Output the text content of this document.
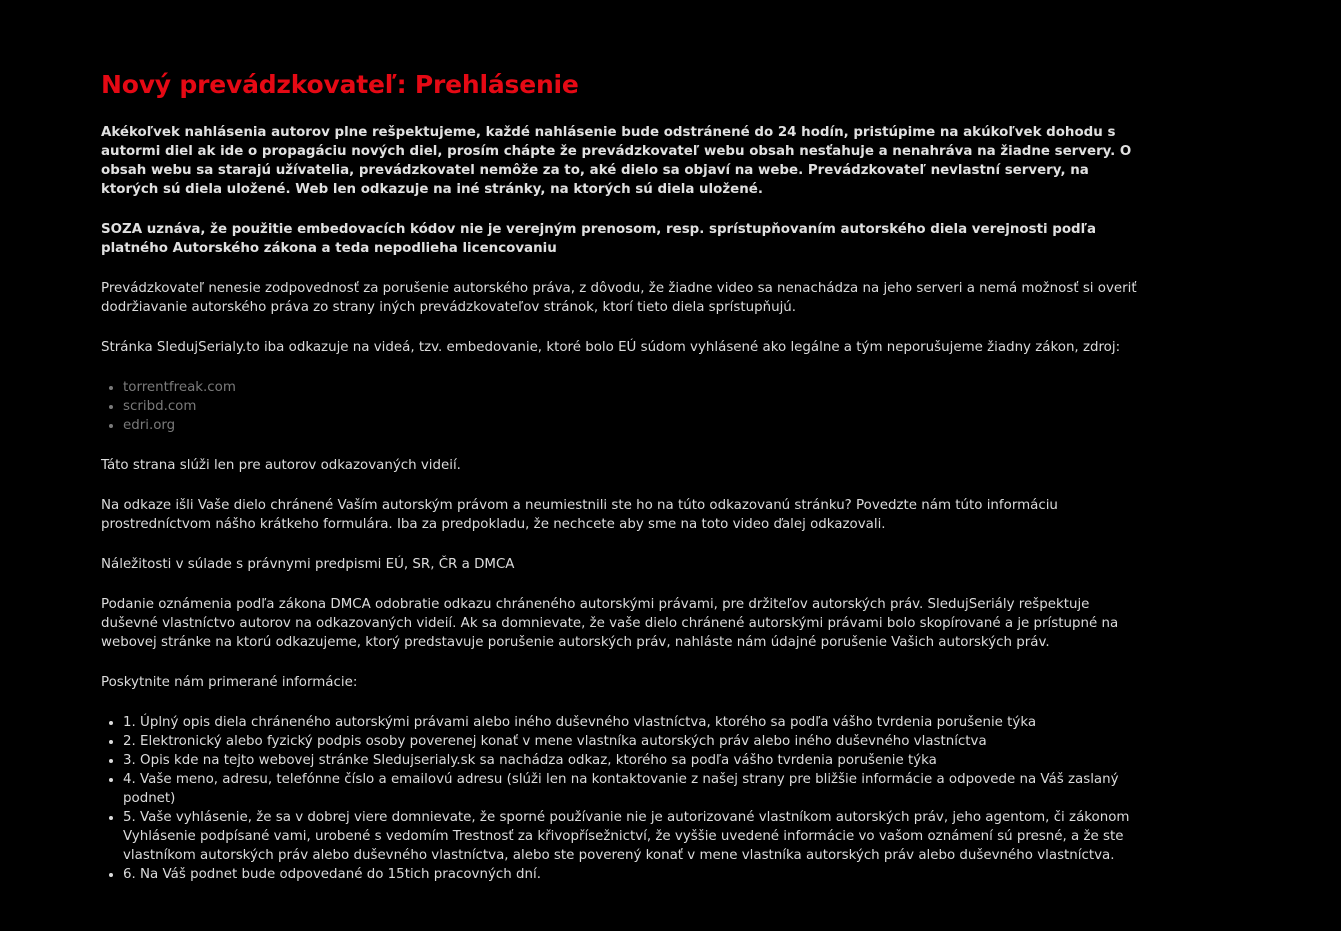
Nový prevádzkovateľ: Prehlásenie

Akékoľvek nahlásenia autorov plne rešpektujeme, každé nahlásenie bude odstránené do 24 hodín, pristúpime na akúkoľvek dohodu s autormi diel ak ide o propagáciu nových diel, prosím chápte že prevádzkovateľ webu obsah nesťahuje a nenahráva na žiadne servery. O obsah webu sa starajú užívatelia, prevádzkovatel nemôže za to, aké dielo sa objaví na webe. Prevádzkovateľ nevlastní servery, na ktorých sú diela uložené. Web len odkazuje na iné stránky, na ktorých sú diela uložené.

SOZA uznáva, že použitie embedovacích kódov nie je verejným prenosom, resp. sprístupňovaním autorského diela verejnosti podľa platného Autorského zákona a teda nepodlieha licencovaniu

Prevádzkovateľ nenesie zodpovednosť za porušenie autorského práva, z dôvodu, že žiadne video sa nenachádza na jeho serveri a nemá možnosť si overiť dodržiavanie autorského práva zo strany iných prevádzkovateľov stránok, ktorí tieto diela sprístupňujú.

Stránka SledujSerialy.to iba odkazuje na videá, tzv. embedovanie, ktoré bolo EÚ súdom vyhlásené ako legálne a tým neporušujeme žiadny zákon, zdroj:

• torrentfreak.com
• scribd.com
• edri.org

Táto strana slúži len pre autorov odkazovaných videií.

Na odkaze išli Vaše dielo chránené Vaším autorským právom a neumiestnili ste ho na túto odkazovanú stránku? Povedzte nám túto informáciu prostredníctvom nášho krátkeho formulára. Iba za predpokladu, že nechcete aby sme na toto video ďalej odkazovali.

Náležitosti v súlade s právnymi predpismi EÚ, SR, ČR a DMCA

Podanie oznámenia podľa zákona DMCA odobratie odkazu chráneného autorskými právami, pre držiteľov autorských práv. SledujSeriály rešpektuje duševné vlastníctvo autorov na odkazovaných videií. Ak sa domnievate, že vaše dielo chránené autorskými právami bolo skopírované a je prístupné na webovej stránke na ktorú odkazujeme, ktorý predstavuje porušenie autorských práv, nahláste nám údajné porušenie Vašich autorských práv.

Poskytnite nám primerané informácie:

• 1. Úplný opis diela chráneného autorskými právami alebo iného duševného vlastníctva, ktorého sa podľa vášho tvrdenia porušenie týka
• 2. Elektronický alebo fyzický podpis osoby poverenej konať v mene vlastníka autorských práv alebo iného duševného vlastníctva
• 3. Opis kde na tejto webovej stránke Sledujserialy.sk sa nachádza odkaz, ktorého sa podľa vášho tvrdenia porušenie týka
• 4. Vaše meno, adresu, telefónne číslo a emailovú adresu (slúži len na kontaktovanie z našej strany pre bližšie informácie a odpovede na Váš zaslaný podnet)
• 5. Vaše vyhlásenie, že sa v dobrej viere domnievate, že sporné používanie nie je autorizované vlastníkom autorských práv, jeho agentom, či zákonom Vyhlásenie podpísané vami, urobené s vedomím Trestnosť za křivopřísežnictví, že vyššie uvedené informácie vo vašom oznámení sú presné, a že ste vlastníkom autorských práv alebo duševného vlastníctva, alebo ste poverený konať v mene vlastníka autorských práv alebo duševného vlastníctva.
• 6. Na Váš podnet bude odpovedané do 15tich pracovných dní.
